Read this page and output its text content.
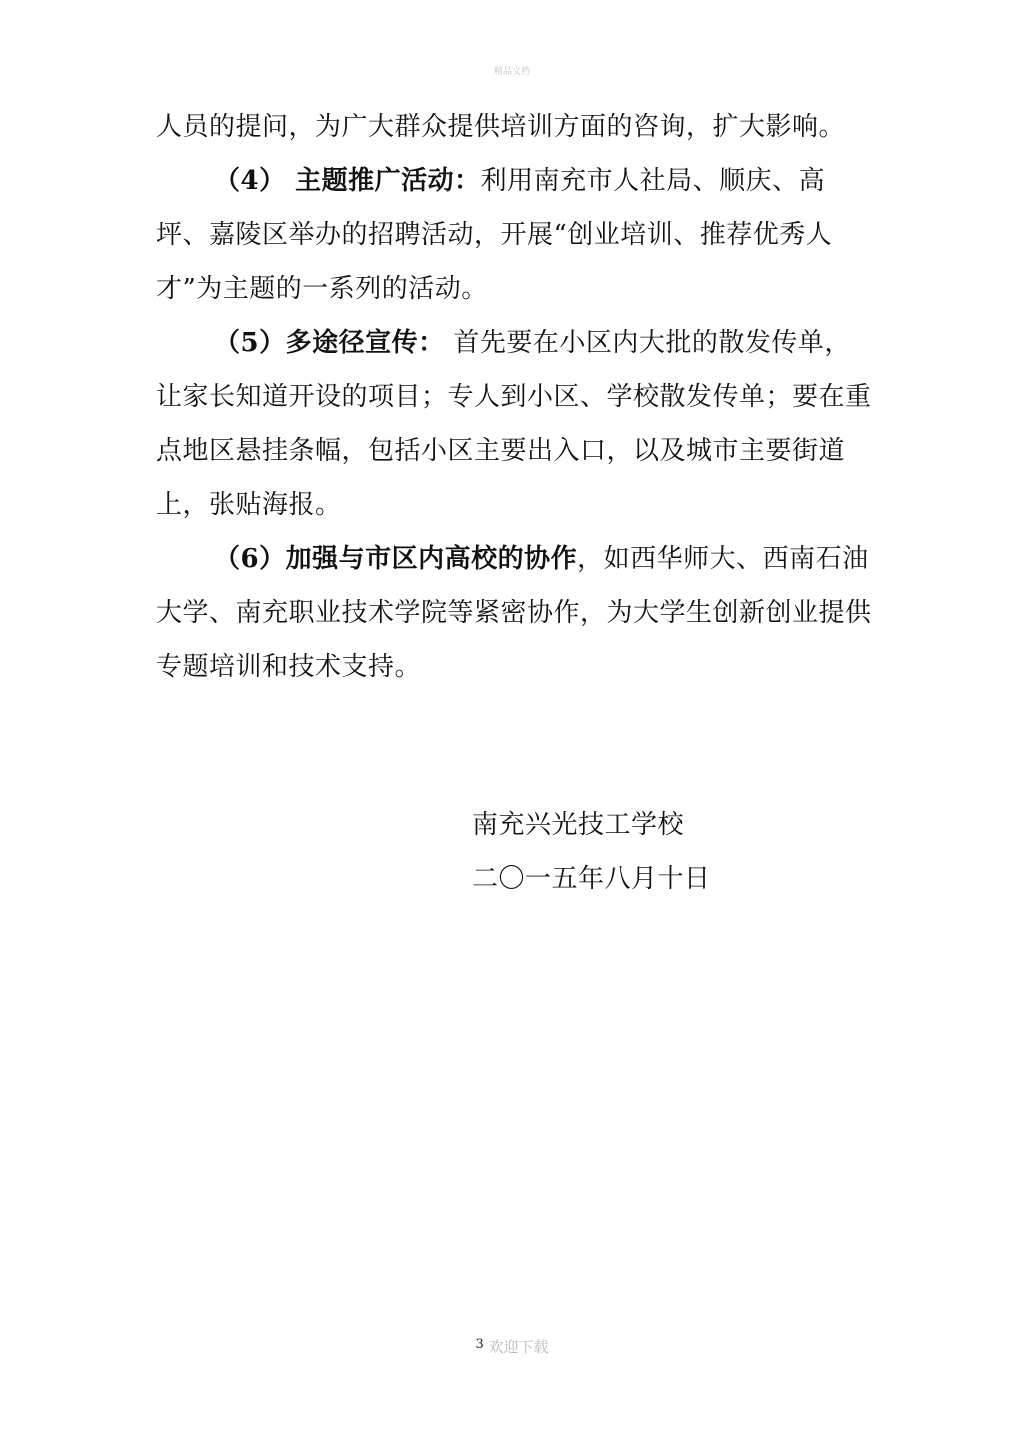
精品文档

人员的提问，为广大群众提供培训方面的咨询，扩大影响。

（4） 主题推广活动：利用南充市人社局、顺庆、高坪、嘉陵区举办的招聘活动，开展“创业培训、推荐优秀人才”为主题的一系列的活动。

（5）多途径宣传： 首先要在小区内大批的散发传单，让家长知道开设的项目；专人到小区、学校散发传单；要在重点地区悬挂条幅，包括小区主要出入口，以及城市主要街道上，张贴海报。

（6）加强与市区内高校的协作，如西华师大、西南石油大学、南充职业技术学院等紧密协作，为大学生创新创业提供专题培训和技术支持。

南充兴光技工学校
二〇一五年八月十日
3 欢迎下载
